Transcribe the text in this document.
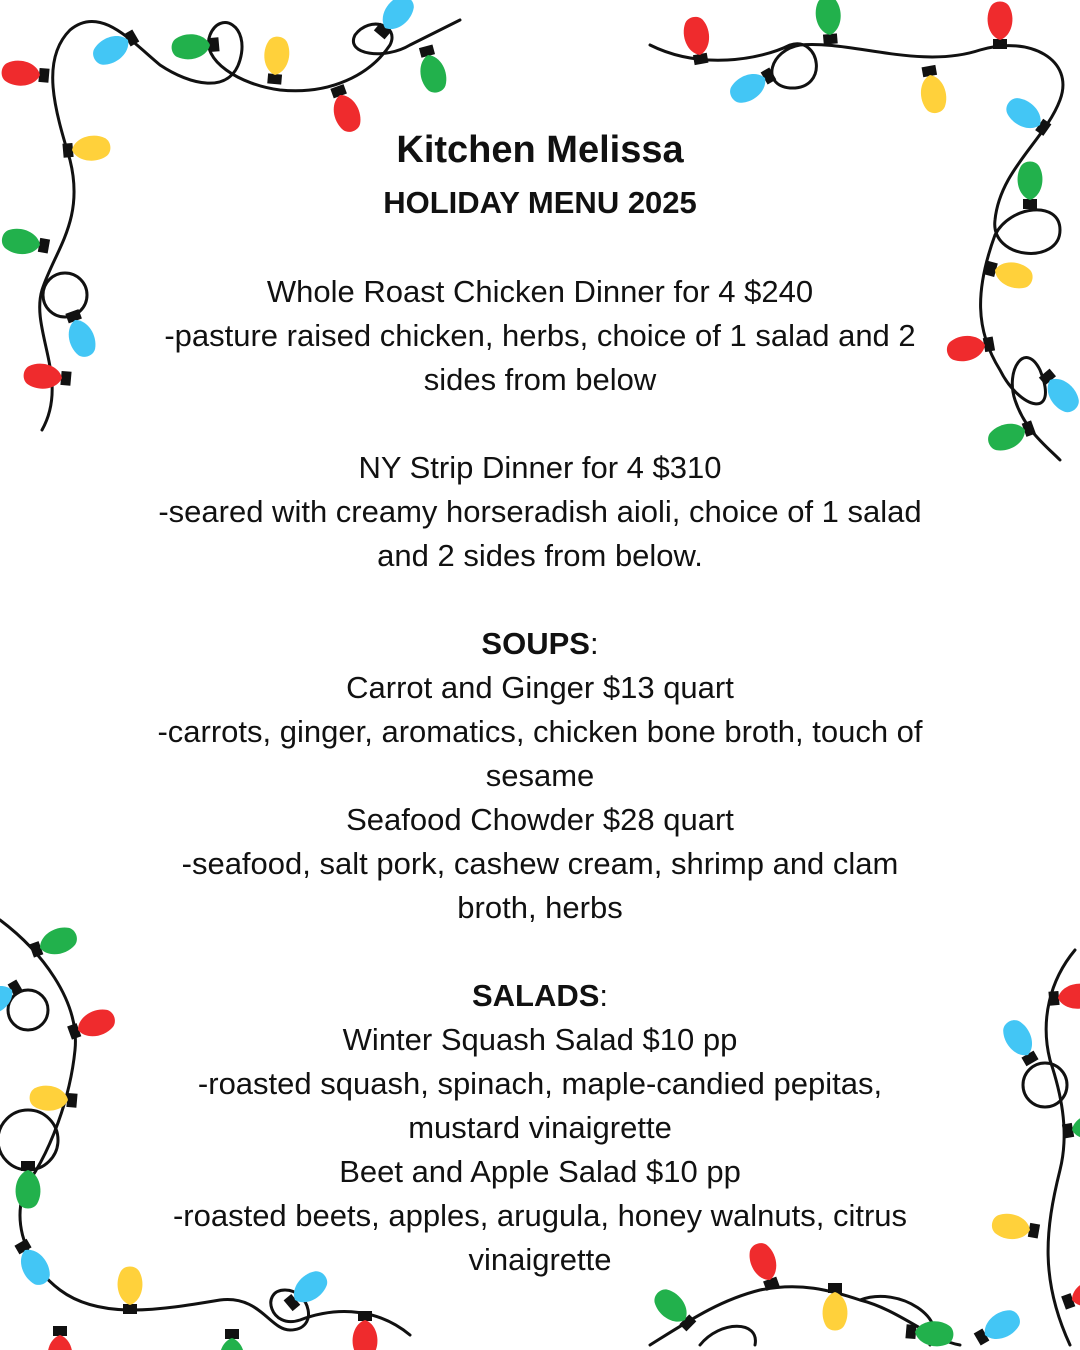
Kitchen Melissa
HOLIDAY MENU 2025
Whole Roast Chicken Dinner for 4 $240
-pasture raised chicken, herbs, choice of 1 salad and 2
sides from below
NY Strip Dinner for 4 $310
-seared with creamy horseradish aioli, choice of 1 salad
and 2 sides from below.
SOUPS:
Carrot and Ginger $13 quart
-carrots, ginger, aromatics, chicken bone broth, touch of
sesame
Seafood Chowder $28 quart
-seafood, salt pork, cashew cream, shrimp and clam
broth, herbs
SALADS:
Winter Squash Salad $10 pp
-roasted squash, spinach, maple-candied pepitas,
mustard vinaigrette
Beet and Apple Salad $10 pp
-roasted beets, apples, arugula, honey walnuts, citrus
vinaigrette
